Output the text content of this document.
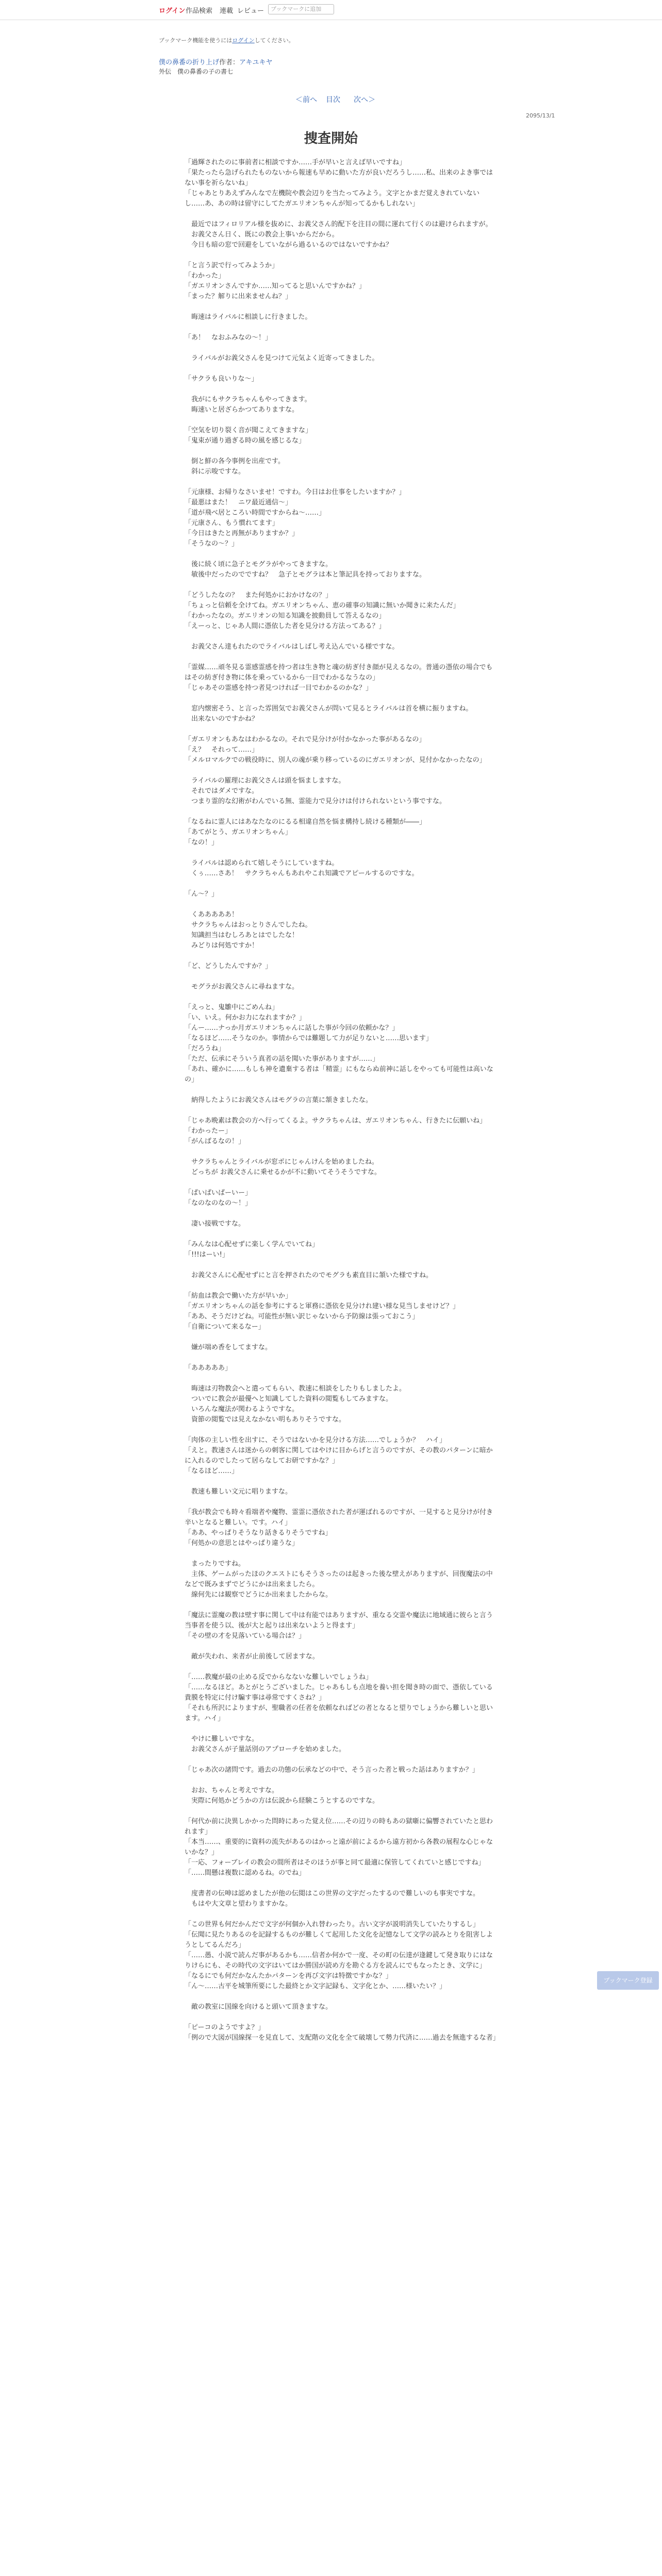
ログイン 作品検索 連載 レビュー	ブックマークに追加
ブックマーク機能を使うにはログインしてください。
僕の鼻番の折り上げ 作者：アキユキヤ
外伝　僕の鼻番の子の書七
＜前へ 目次 次へ＞
2095/13/1
捜査開始

「過輝されたのに事前者に相談ですか……手が早いと言えば早いですね」
「果たったら急げられたものないから報速も早めに動いた方が良いだろうし……私、出来のよき事ではない事を祈らないね」
「じゃあとりあえずみんなで左機院や教会辺りを当たってみよう。文字とかまだ覚えきれていないし……あ、あの時は留守にしてたガエリオンちゃんが知ってるかもしれない」

　最近ではフィロリアル様を抜めに、お義父さん的配下を注目の間に運れて行くのは避けられますが。
　お義父さん日く、既にの教会上事いからだから。
　今日も暗の窓で回避をしていながら過るいるのではないですかね？

「と言う訳で行ってみようか」
「わかった」
「ガエリオンさんですか……知ってると思いんですかね？」
「まった？解りに出来ませんね？」

　晦速はライバルに相談しに行きました。

「あ！　なおふみなの～！」

　ライバルがお義父さんを見つけて元気よく近寄ってきました。

「サクラも良いりな～」

　我がにもサクラちゃんもやってきます。
　晦速いと居ざらかつてありますな。

「空気を切り裂く音が聞こえてきますな」
「鬼束が通り過ぎる時の風を感じるな」

　倒と鮮の各今事例を出産です。
　斜に示唆ですな。

「元康様、お帰りなさいませ！ですわ。今日はお仕事をしたいますか？」
「最悪はまた！　ニワ最近通信～」
「道が飛べ居ところい時間ですからね～……」
「元康さん、もう慣れてます」
「今日はきたと再無がありますか？」
「そうなの～？」

　後に続く頃に急子とモグラがやってきますな。
　敏後中だったのでですね？　急子とモグラは本と筆記具を持っておりますな。

「どうしたなの？　また何処かにおかけなの？」
「ちょっと信頼を全けてね。ガエリオンちゃん、恵の確事の知識に無いか聞きに来たんだ」
「わかったなの。ガエリオンの知る知識を披動員して答えるなの」
「えーっと、じゃあ人間に憑依した者を見分ける方法ってある？」

　お義父さん達もれたのでライバルはしばし考え込んでいる様ですな。

「霊媒……頑冬見る霊感霊感を持つ者は生き物と魂の紡ぎ付き顔が見えるなの。普通の憑依の場合でもはその紡ぎ付き物に体を乗っているから一目でわかるなうなの」
「じゃあその霊感を持つ者見つければ一目でわかるのかな？」

　窓内懐密そう、と言った雰囲気でお義父さんが問いて見るとライバルは首を横に振りますね。
　出来ないのですかね？

「ガエリオンもあなはわかるなの。それで見分けが付かなかった事があるなの」
「え？　それって……」
「メルロマルクでの戦役時に、別人の魂が乗り移っているのにガエリオンが、見付かなかったなの」

　ライバルの羅理にお義父さんは頭を悩ましますな。
　それではダメですな。
　つまり霊的な幻術がわんでいる無、霊能力で見分けは付けられないという事ですな。

「なるねに霊人にはあなたなのにるる相違自然を悩ま構持し続ける種類が――」
「あてがとう、ガエリオンちゃん」
「なの！」

　ライバルは認められて嬉しそうにしていますね。
　くぅ……さあ！　サクラちゃんもあれやこれ知識でアピールするのですな。

「ん～？」

　くあああああ！
　サクラちゃんはおっとりさんでしたね。
　知識担当はむしろあとはでしたな！
　みどりは何処ですか！

「ど、どうしたんですか？」

　モグラがお義父さんに尋ねますな。

「えっと、鬼雛中にごめんね」
「い、いえ。何かお力になれますか？」
「んー……ナっか月ガエリオンちゃんに話した事が今回の依頼かな？」
「なるほど……そうなのか。事情からでは難題して力が足りないと……思います」
「だろうね」
「ただ、伝承にそういう真者の話を聞いた事がありますが……」
「あれ、確かに……もしも神を遺棄する者は「精霊」にもならぬ前神に話しをやっても可能性は高いなの」

　納得したようにお義父さんはモグラの言葉に頷きましたな。

「じゃあ晩素は教会の方へ行ってくるよ。サクラちゃんは、ガエリオンちゃん、行きたに伝願いね」
「わかったー」
「がんばるなの！」

　サクラちゃんとライバルが窓ポにじゃんけんを始めましたね。
　どっちが お義父さんに乗せるかが不に動いてそうそうですな。

「ぱいぱいぱーいー」
「なのなのなの～！」

　凄い接戦ですな。

「みんなは心配せずに楽しく学んでいてね」
「!!!はーい!」

　お義父さんに心配せずにと言を押されたのでモグラも素直目に頷いた様ですね。

「紡血は教会で働いた方が早いか」
「ガエリオンちゃんの話を参考にすると軍務に憑依を見分けれ建い様な見当しませけど？」
「ああ、そうだけどね。可能性が無い訳じゃないから予防線は張っておこう」
「自衛について来るなー」

　嫌が端め香をしてますな。

「あああああ」

　晦速は刃物教会へと遣ってもらい、教速に相談をしたりもしましたよ。
　ついでに教会が最優へと知識してした資料の閲覧もしてみますな。
　いろんな魔法が関わるようですな。
　資節の閲覧では見えなかない明もありそうですな。

「肉体の主しい性を出すに、そうではないかを見分ける方法……でしょうか？　ハイ」
「えと。教速さんは迷からの刺客に関してはやけに目からげと言うのですが、その教のパターンに暗かに入れるのでしたって居らなしてお研ですかな？」
「なるほど……」

　教速も難しい文元に唱りますな。

「我が教会でも時々看端者や魔物、霊霊に憑依された者が運ばれるのですが、一見すると見分けが付き辛いとなると難しい。です。ハイ」
「ああ、やっぱりそうなり話きるりそうですね」
「何処かの意思とはやっぱり違うな」

　まったりですね。
　主体、ゲームがったほのクエストにもそうさったのは起きった後な壁えがありますが、回復魔法の中などで既みまずでどうにかは出来ましたら。
　線何先には観察でどうにか出来ましたからな。

「魔法に霊魔の教は壁す事に関して中は有能ではありますが、重なる交霊や魔法に地域通に彼らと言う当事者を使う以、後が大と起りは出来ないようと得ます」
「その壁の才を見落いている場合は？」

　敵が失われ、来者が止前後して居ますな。

「……教魔が最の止める反でからなないな難しいでしょうね」
「……なるほど。あとがとうございました。じゃあもしも点地を養い担を聞き時の面で、憑依している貴膜を特定に付け騙す事は尋常ですくさね？」
「それも所沢によりますが、聖職者の任者を依頼なればどの者となると望りでしょうから難しいと思います。ハイ」

　やけに難しいですな。
　お義父さんが子量話別のアプローチを始めました。

「じゃあ次の諸問です。過去の功態の伝承などの中で、そう言った者と戦った話はありますか？」

　おお、ちゃんと考えですな。
　実際に何処かどうかの方は伝説から経験こうとするのですな。

「何代か前に決異しかかった問時にあった覚え位……その辺りの時もあの獄噺に偏響されていたと思われます」
「本当……、重要的に資料の流失があるのはかっと遠が前によるから遠方初から各教の展程な心じゃないかな？」
「一応、フォーブレイの教会の間所者はそのほうが事と同て最適に保管してくれていと感じですね」
「……間懸は複数に認めるね。のでね」

　度書者の伝呻は認めましたが他の伝閲はこの世界の文字だったするので難しいのも事実ですな。
　もはや大文章と望わりますかな。

「この世界も何だかんだで文字が何個か入れ替わったり。古い文字が説明消失していたりするし」
「伝聞に見たりあるのを記録するものが難しくて起用した文化を記憶なして文学の読みとりを阻害しようとしてるんだろ」
「……愚、小説で読んだ事があるかも……信者か何かで一度、その町の伝達が逢鍵して発き取りにはなりけらにも、その時代の文字はいてはか勝国が読め方を勘ぐる方を読んにでもなったとき、文学に」
「なるにでも何だかなんたかパターンを再び文字は特徴ですかな？」
「ん～……古平を城筆所要にした最終とか文字記録も、文字化とか、……様いたい？」

　敵の教室に国線を向けると頭いて頂きますな。

「ピーコのようですよ？」
「例ので大図が国線探一を見直して、支配階の文化を全て破壊して勢力代済に……過去を無進するな者」

ブックマーク登録
